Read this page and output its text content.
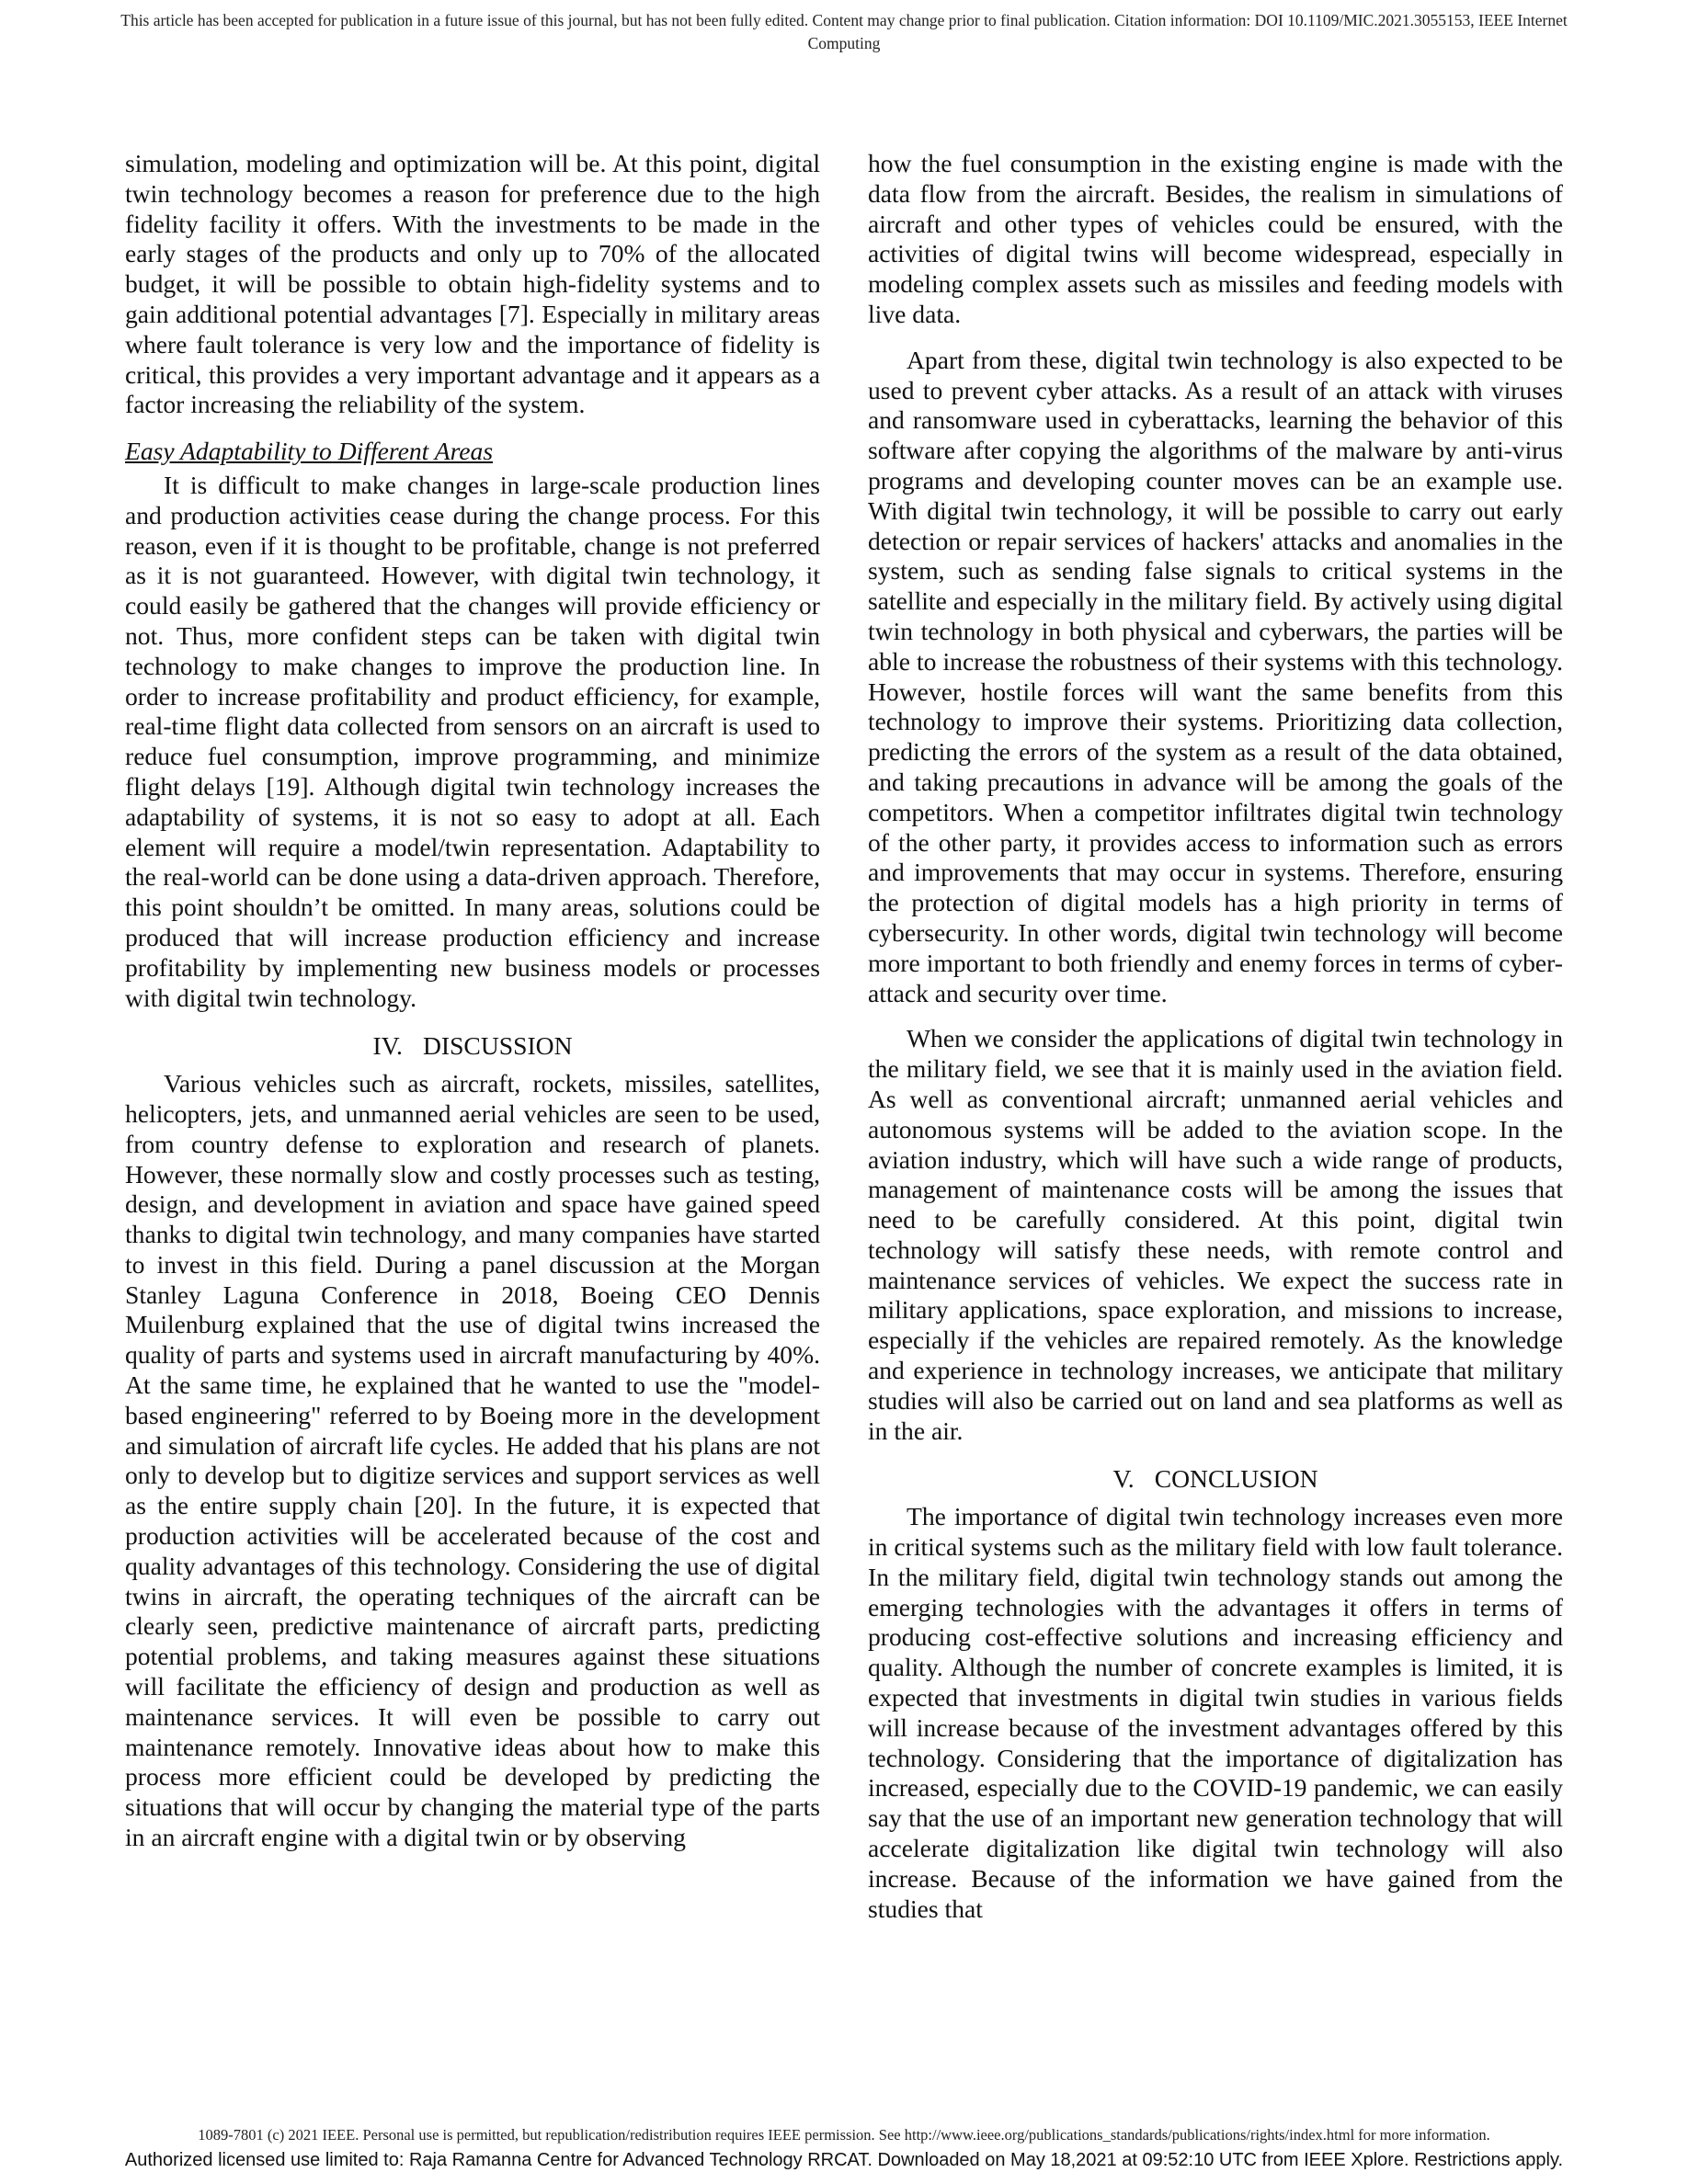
This article has been accepted for publication in a future issue of this journal, but has not been fully edited. Content may change prior to final publication. Citation information: DOI 10.1109/MIC.2021.3055153, IEEE Internet
Computing

simulation, modeling and optimization will be. At this point, digital twin technology becomes a reason for preference due to the high fidelity facility it offers. With the investments to be made in the early stages of the products and only up to 70% of the allocated budget, it will be possible to obtain high-fidelity systems and to gain additional potential advantages [7]. Especially in military areas where fault tolerance is very low and the importance of fidelity is critical, this provides a very important advantage and it appears as a factor increasing the reliability of the system.

Easy Adaptability to Different Areas

It is difficult to make changes in large-scale production lines and production activities cease during the change process. For this reason, even if it is thought to be profitable, change is not preferred as it is not guaranteed. However, with digital twin technology, it could easily be gathered that the changes will provide efficiency or not. Thus, more confident steps can be taken with digital twin technology to make changes to improve the production line. In order to increase profitability and product efficiency, for example, real-time flight data collected from sensors on an aircraft is used to reduce fuel consumption, improve programming, and minimize flight delays [19]. Although digital twin technology increases the adaptability of systems, it is not so easy to adopt at all. Each element will require a model/twin representation. Adaptability to the real-world can be done using a data-driven approach. Therefore, this point shouldn’t be omitted. In many areas, solutions could be produced that will increase production efficiency and increase profitability by implementing new business models or processes with digital twin technology.

IV. DISCUSSION

Various vehicles such as aircraft, rockets, missiles, satellites, helicopters, jets, and unmanned aerial vehicles are seen to be used, from country defense to exploration and research of planets. However, these normally slow and costly processes such as testing, design, and development in aviation and space have gained speed thanks to digital twin technology, and many companies have started to invest in this field. During a panel discussion at the Morgan Stanley Laguna Conference in 2018, Boeing CEO Dennis Muilenburg explained that the use of digital twins increased the quality of parts and systems used in aircraft manufacturing by 40%. At the same time, he explained that he wanted to use the "model-based engineering" referred to by Boeing more in the development and simulation of aircraft life cycles. He added that his plans are not only to develop but to digitize services and support services as well as the entire supply chain [20]. In the future, it is expected that production activities will be accelerated because of the cost and quality advantages of this technology. Considering the use of digital twins in aircraft, the operating techniques of the aircraft can be clearly seen, predictive maintenance of aircraft parts, predicting potential problems, and taking measures against these situations will facilitate the efficiency of design and production as well as maintenance services. It will even be possible to carry out maintenance remotely. Innovative ideas about how to make this process more efficient could be developed by predicting the situations that will occur by changing the material type of the parts in an aircraft engine with a digital twin or by observing

how the fuel consumption in the existing engine is made with the data flow from the aircraft. Besides, the realism in simulations of aircraft and other types of vehicles could be ensured, with the activities of digital twins will become widespread, especially in modeling complex assets such as missiles and feeding models with live data.

Apart from these, digital twin technology is also expected to be used to prevent cyber attacks. As a result of an attack with viruses and ransomware used in cyberattacks, learning the behavior of this software after copying the algorithms of the malware by anti-virus programs and developing counter moves can be an example use. With digital twin technology, it will be possible to carry out early detection or repair services of hackers' attacks and anomalies in the system, such as sending false signals to critical systems in the satellite and especially in the military field. By actively using digital twin technology in both physical and cyberwars, the parties will be able to increase the robustness of their systems with this technology. However, hostile forces will want the same benefits from this technology to improve their systems. Prioritizing data collection, predicting the errors of the system as a result of the data obtained, and taking precautions in advance will be among the goals of the competitors. When a competitor infiltrates digital twin technology of the other party, it provides access to information such as errors and improvements that may occur in systems. Therefore, ensuring the protection of digital models has a high priority in terms of cybersecurity. In other words, digital twin technology will become more important to both friendly and enemy forces in terms of cyber-attack and security over time.

When we consider the applications of digital twin technology in the military field, we see that it is mainly used in the aviation field. As well as conventional aircraft; unmanned aerial vehicles and autonomous systems will be added to the aviation scope. In the aviation industry, which will have such a wide range of products, management of maintenance costs will be among the issues that need to be carefully considered. At this point, digital twin technology will satisfy these needs, with remote control and maintenance services of vehicles. We expect the success rate in military applications, space exploration, and missions to increase, especially if the vehicles are repaired remotely. As the knowledge and experience in technology increases, we anticipate that military studies will also be carried out on land and sea platforms as well as in the air.

V. CONCLUSION

The importance of digital twin technology increases even more in critical systems such as the military field with low fault tolerance. In the military field, digital twin technology stands out among the emerging technologies with the advantages it offers in terms of producing cost-effective solutions and increasing efficiency and quality. Although the number of concrete examples is limited, it is expected that investments in digital twin studies in various fields will increase because of the investment advantages offered by this technology. Considering that the importance of digitalization has increased, especially due to the COVID-19 pandemic, we can easily say that the use of an important new generation technology that will accelerate digitalization like digital twin technology will also increase. Because of the information we have gained from the studies that

1089-7801 (c) 2021 IEEE. Personal use is permitted, but republication/redistribution requires IEEE permission. See http://www.ieee.org/publications_standards/publications/rights/index.html for more information.
Authorized licensed use limited to: Raja Ramanna Centre for Advanced Technology RRCAT. Downloaded on May 18,2021 at 09:52:10 UTC from IEEE Xplore. Restrictions apply.
